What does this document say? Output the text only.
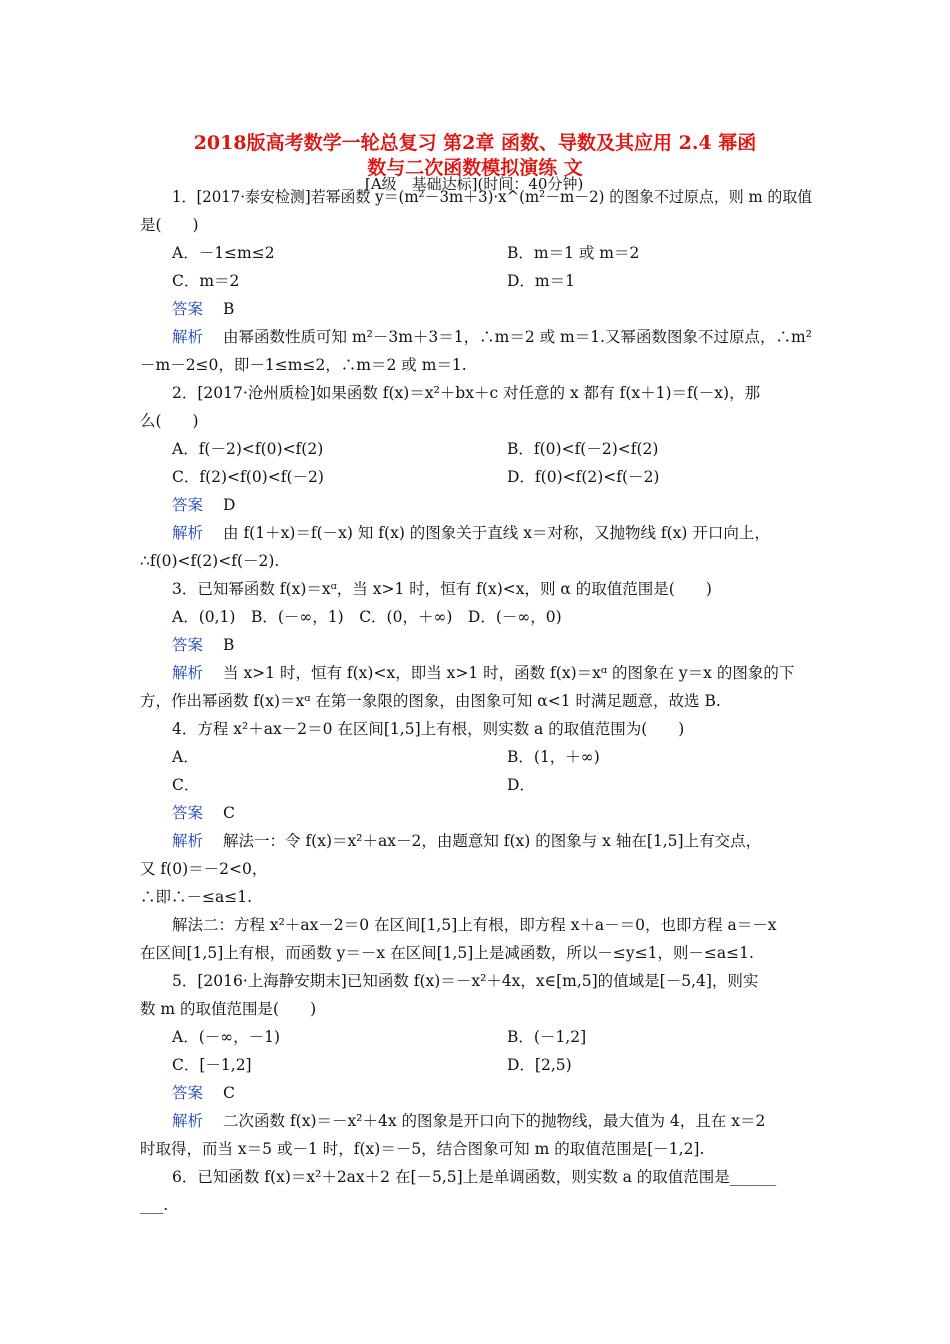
2018版高考数学一轮总复习 第2章 函数、导数及其应用 2.4 幂函
数与二次函数模拟演练 文
[A级　基础达标](时间：40分钟)
1．[2017·泰安检测]若幂函数 y＝(m²－3m＋3)·x^(m²－m－2) 的图象不过原点，则 m 的取值
是(　　)
A．－1≤m≤2	B．m＝1 或 m＝2
C．m＝2	D．m＝1
答案 B
解析 由幂函数性质可知 m²－3m＋3＝1，∴m＝2 或 m＝1.又幂函数图象不过原点，∴m²
－m－2≤0，即－1≤m≤2，∴m＝2 或 m＝1.
2．[2017·沧州质检]如果函数 f(x)＝x²＋bx＋c 对任意的 x 都有 f(x＋1)＝f(－x)，那
么(　　)
A．f(－2)<f(0)<f(2)	B．f(0)<f(－2)<f(2)
C．f(2)<f(0)<f(－2)	D．f(0)<f(2)<f(－2)
答案 D
解析 由 f(1＋x)＝f(－x) 知 f(x) 的图象关于直线 x＝对称，又抛物线 f(x) 开口向上，
∴f(0)<f(2)<f(－2).
3．已知幂函数 f(x)＝xᵅ，当 x>1 时，恒有 f(x)<x，则 α 的取值范围是(　　)
A．(0,1)　B．(－∞，1)　C．(0，＋∞)　D．(－∞，0)
答案 B
解析 当 x>1 时，恒有 f(x)<x，即当 x>1 时，函数 f(x)＝xᵅ 的图象在 y＝x 的图象的下
方，作出幂函数 f(x)＝xᵅ 在第一象限的图象，由图象可知 α<1 时满足题意，故选 B.
4．方程 x²＋ax－2＝0 在区间[1,5]上有根，则实数 a 的取值范围为(　　)
A．	B．(1，＋∞)
C．	D．
答案 C
解析 解法一：令 f(x)＝x²＋ax－2，由题意知 f(x) 的图象与 x 轴在[1,5]上有交点，
又 f(0)＝－2<0，
∴即∴－≤a≤1.
解法二：方程 x²＋ax－2＝0 在区间[1,5]上有根，即方程 x＋a－＝0，也即方程 a＝－x
在区间[1,5]上有根，而函数 y＝－x 在区间[1,5]上是减函数，所以－≤y≤1，则－≤a≤1.
5．[2016·上海静安期末]已知函数 f(x)＝－x²＋4x，x∈[m,5]的值域是[－5,4]，则实
数 m 的取值范围是(　　)
A．(－∞，－1)	B．(－1,2]
C．[－1,2]	D．[2,5)
答案 C
解析 二次函数 f(x)＝－x²＋4x 的图象是开口向下的抛物线，最大值为 4，且在 x＝2
时取得，而当 x＝5 或－1 时，f(x)＝－5，结合图象可知 m 的取值范围是[－1,2].
6．已知函数 f(x)＝x²＋2ax＋2 在[－5,5]上是单调函数，则实数 a 的取值范围是______
___.
